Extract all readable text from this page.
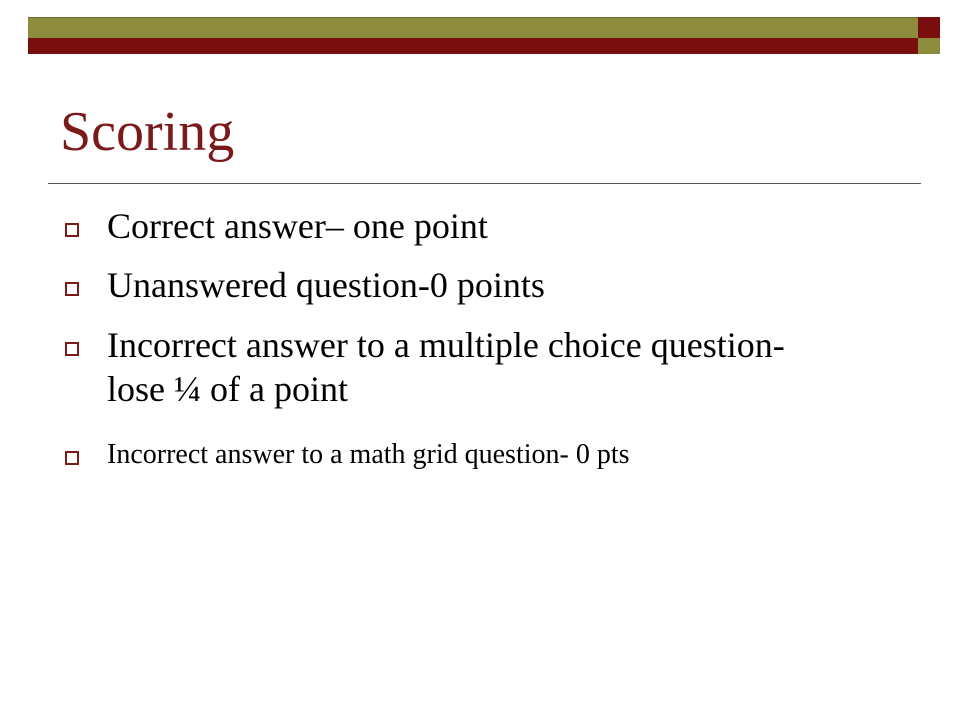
Scoring
Correct answer– one point
Unanswered question-0 points
Incorrect answer to a multiple choice question- lose ¼ of a point
Incorrect answer to a math grid question- 0 pts
